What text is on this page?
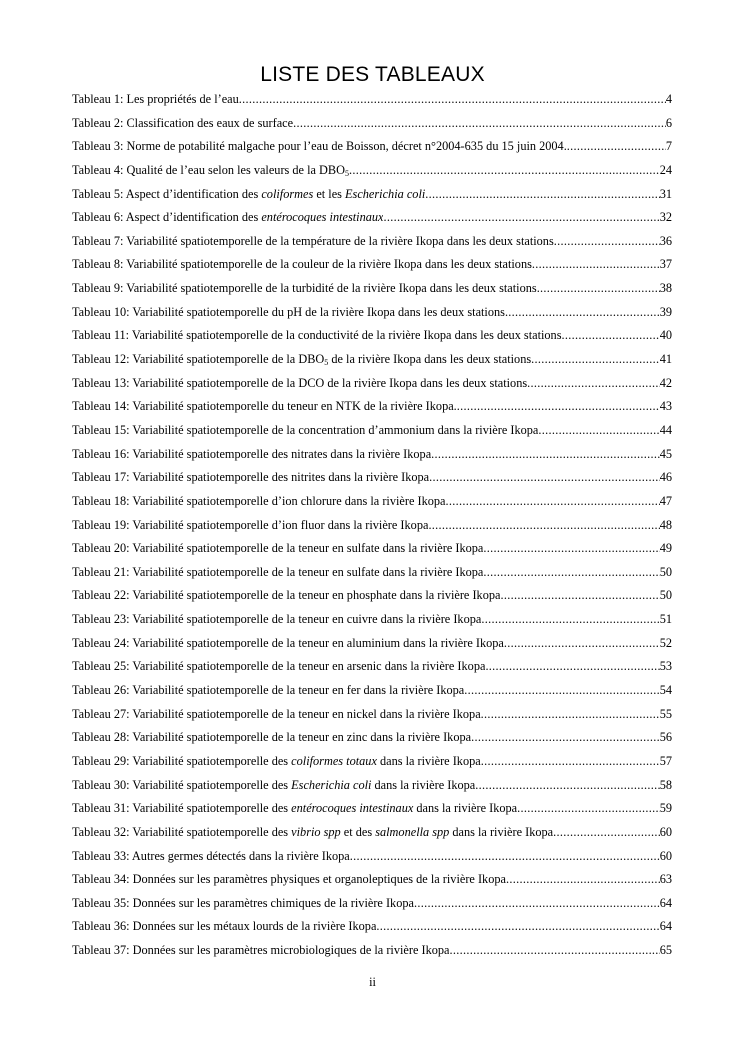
LISTE DES TABLEAUX
Tableau 1: Les propriétés de l’eau .....	4
Tableau 2: Classification des eaux de surface .....	6
Tableau 3: Norme de potabilité malgache pour l’eau de Boisson, décret n°2004-635 du 15 juin 2004. .....	7
Tableau 4: Qualité de l’eau selon les valeurs de la $DBO_5$ .....	24
Tableau 5: Aspect d’identification des coliformes et les Escherichia coli .....	31
Tableau 6: Aspect d’identification des entérocoques intestinaux .....	32
Tableau 7: Variabilité spatiotemporelle de la température de la rivière Ikopa dans les deux stations .....	36
Tableau 8: Variabilité spatiotemporelle de la couleur de la rivière Ikopa dans les deux stations .....	37
Tableau 9: Variabilité spatiotemporelle de la turbidité de la rivière Ikopa dans les deux stations .....	38
Tableau 10: Variabilité spatiotemporelle du pH de la rivière Ikopa dans les deux stations .....	39
Tableau 11: Variabilité spatiotemporelle de la conductivité de la rivière Ikopa dans les deux stations .....	40
Tableau 12: Variabilité spatiotemporelle de la $DBO_5$ de la rivière Ikopa dans les deux stations .....	41
Tableau 13: Variabilité spatiotemporelle de la DCO de la rivière Ikopa dans les deux stations .....	42
Tableau 14: Variabilité spatiotemporelle du teneur en NTK de la rivière Ikopa. .....	43
Tableau 15: Variabilité spatiotemporelle de la concentration d’ammonium dans la rivière Ikopa .....	44
Tableau 16: Variabilité spatiotemporelle des nitrates dans la rivière Ikopa .....	45
Tableau 17: Variabilité spatiotemporelle des nitrites dans la rivière Ikopa .....	46
Tableau 18: Variabilité spatiotemporelle d’ion chlorure dans la rivière Ikopa .....	47
Tableau 19: Variabilité spatiotemporelle d’ion fluor dans la rivière Ikopa .....	48
Tableau 20: Variabilité spatiotemporelle de la teneur en sulfate dans la rivière Ikopa .....	49
Tableau 21: Variabilité spatiotemporelle de la teneur en sulfate dans la rivière Ikopa .....	50
Tableau 22: Variabilité spatiotemporelle de la teneur en phosphate dans la rivière Ikopa .....	50
Tableau 23: Variabilité spatiotemporelle de la teneur en cuivre dans la rivière Ikopa .....	51
Tableau 24: Variabilité spatiotemporelle de la teneur en aluminium dans la rivière Ikopa .....	52
Tableau 25: Variabilité spatiotemporelle de la teneur en arsenic dans la rivière Ikopa .....	53
Tableau 26: Variabilité spatiotemporelle de la teneur en fer dans la rivière Ikopa .....	54
Tableau 27: Variabilité spatiotemporelle de la teneur en nickel dans la rivière Ikopa .....	55
Tableau 28: Variabilité spatiotemporelle de la teneur en zinc dans la rivière Ikopa .....	56
Tableau 29: Variabilité spatiotemporelle des coliformes totaux dans la rivière Ikopa .....	57
Tableau 30: Variabilité spatiotemporelle des Escherichia coli dans la rivière Ikopa .....	58
Tableau 31: Variabilité spatiotemporelle des entérocoques intestinaux dans la rivière Ikopa .....	59
Tableau 32: Variabilité spatiotemporelle des vibrio spp et des salmonella spp dans la rivière Ikopa .....	60
Tableau 33: Autres germes détectés dans la rivière Ikopa .....	60
Tableau 34: Données sur les paramètres physiques et organoleptiques de la rivière Ikopa .....	63
Tableau 35: Données sur les paramètres chimiques de la rivière Ikopa .....	64
Tableau 36: Données sur les métaux lourds de la rivière Ikopa .....	64
Tableau 37: Données sur les paramètres microbiologiques de la rivière Ikopa .....	65
ii
